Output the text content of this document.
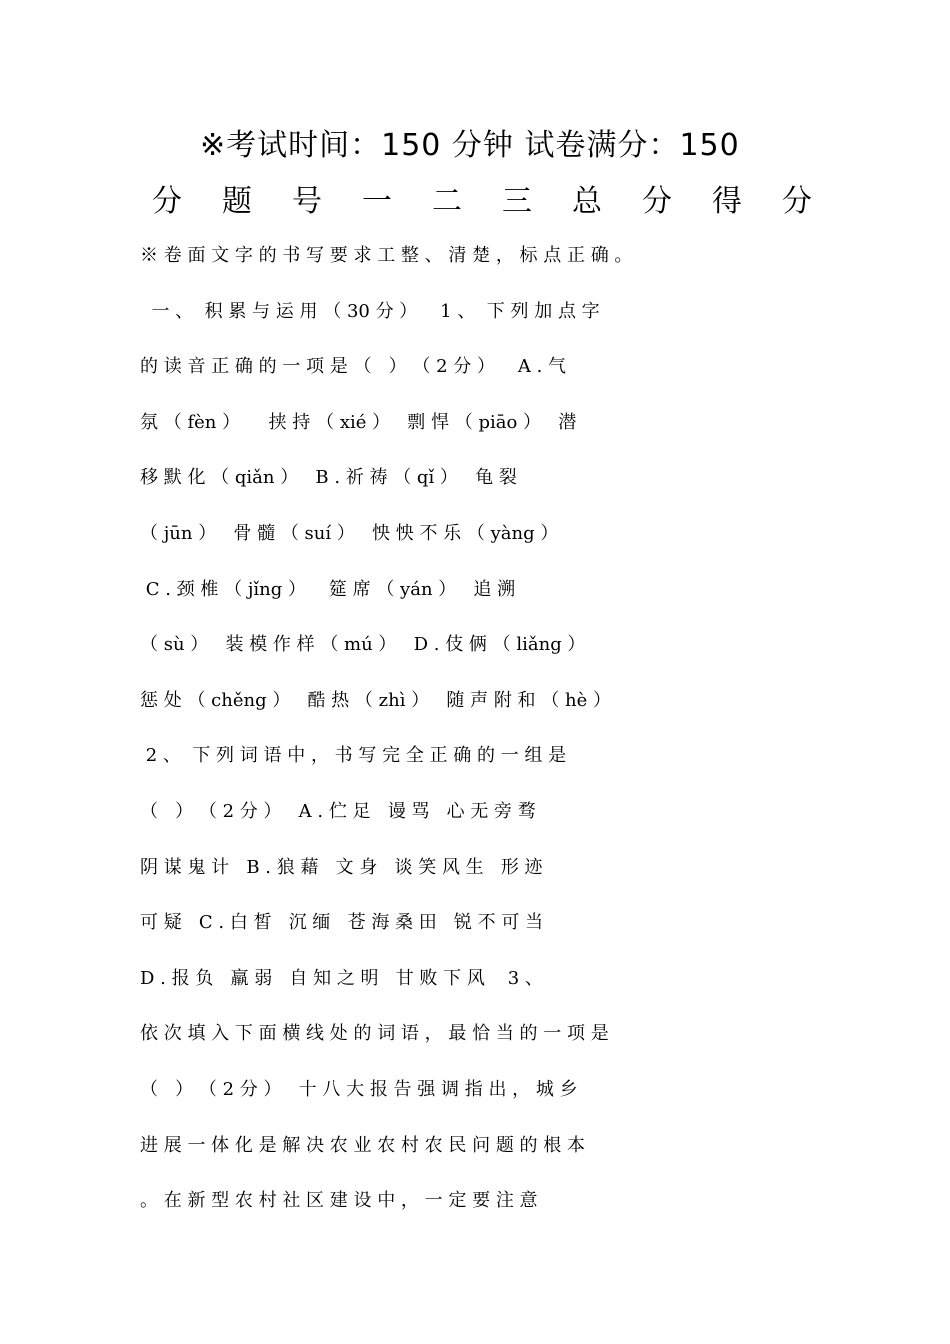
※考试时间：150 分钟 试卷满分：150
分 题 号 一 二 三 总 分 得 分
※ 卷 面 文 字 的 书 写 要 求 工 整 、 清 楚 ， 标 点 正 确 。
一 、  积 累 与 运 用 （ 30 分 ）    1 、  下 列 加 点 字
的 读 音 正 确 的 一 项 是 （   ） （ 2 分 ）    A . 气
氛 （ fèn ）     挟 持 （ xié ）   剽 悍 （ piāo ）   潜
移 默 化 （ qiǎn ）   B . 祈 祷 （ qǐ ）   龟 裂
（ jūn ）   骨 髓 （ suí ）   怏 怏 不 乐 （ yàng ）
C . 颈 椎 （ jǐng ）    筵 席 （ yán ）   追 溯
（ sù ）   装 模 作 样 （ mú ）   D . 伎 俩 （ liǎng ）
惩 处 （ chěng ）   酷 热 （ zhì ）   随 声 附 和 （ hè ）
2 、  下 列 词 语 中 ， 书 写 完 全 正 确 的 一 组 是
（   ） （ 2 分 ）   A . 伫 足   谩 骂   心 无 旁 骛
阴 谋 鬼 计   B . 狼 藉   文 身   谈 笑 风 生   形 迹
可 疑   C . 白 皙   沉 缅   苍 海 桑 田   锐 不 可 当
D . 报 负   羸 弱   自 知 之 明   甘 败 下 风    3 、
依 次 填 入 下 面 横 线 处 的 词 语 ， 最 恰 当 的 一 项 是
（   ） （ 2 分 ）   十 八 大 报 告 强 调 指 出 ， 城 乡
进 展 一 体 化 是 解 决 农 业 农 村 农 民 问 题 的 根 本
。 在 新 型 农 村 社 区 建 设 中 ， 一 定 要 注 意
